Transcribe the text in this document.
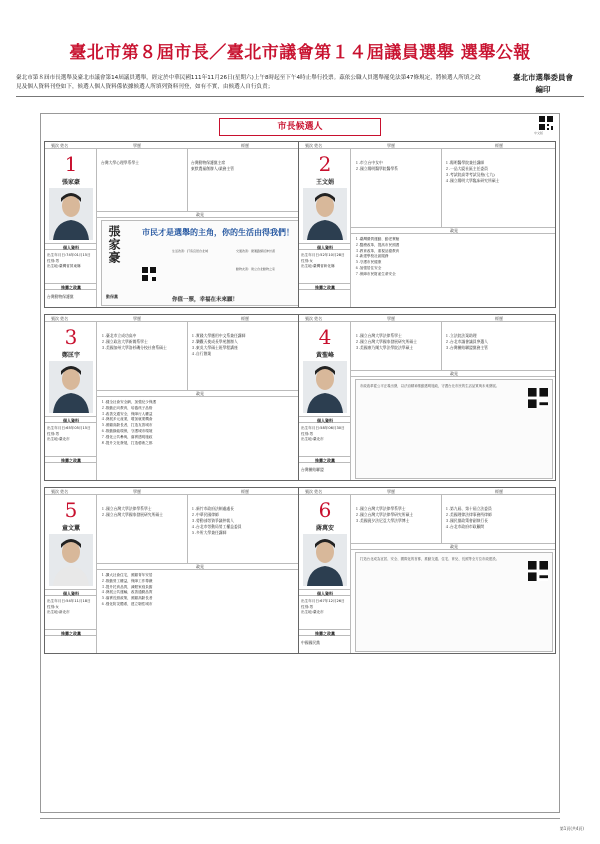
臺北市第８屆市長／臺北市議會第１４屆議員選舉 選舉公報
臺北市第８屆市長選舉及臺北市議會第14屆議員選舉，經定於中華民國111年11月26日(星期六)上午8時起至下午4時止舉行投票。茲依公職人員選舉罷免法第47條規定，將候選人所填之政見及個人資料刊登如下，候選人個人資料係依據候選人所填列資料刊登，如有不實，由候選人自行負責；
臺北市選舉委員會
編印
市長候選人
中文版
號次 姓名	學歷	經歷
1
張家豪
個人資料
出生年月日:74年01月15日
性別:男
出生地:臺灣省屏東縣
推薦之政黨
台灣動物保護黨
台灣大學心理學系學士	台灣動物保護黨主席
東默農福創辦人/業務主管
政見
張家豪	市民才是選舉的主角，你的生活由得我們！
生活改善：打造宜居台北城	交通改善：捷運路網延伸計畫
動物友善：建立台北動物之家
動保黨
你值一票，幸福在未來願！
號次 姓名	學歷	經歷
2
王文娟
個人資料
出生年月日:52年10月28日
性別:女
出生地:臺灣省彰化縣
推薦之政黨
１.市立台中女中
２.國立陽明醫學院醫學系
１.陽明醫學院兼任講師
２.一品大廈社區主任委員
３.考試院高等考試及格(七九)
４.國立陽明大學臨床研究所碩士
政見
１.臺灣優質運動、動老實驗
２.醫療改革，提高市民照護
３.教育改革，重視品德教育
４.新建學校社區服務
５.守護市民健康
６.加強居住安全
７.保障市民財產生命安全
號次 姓名	學歷	經歷
3
鄭匡宇
個人資料
出生年月日:65年05月15日
性別:男
出生地:臺北市
推薦之政黨
１.臺北市立成功高中
２.國立政治大學新聞系學士
３.美國加州大學洛杉磯分校社會系碩士
１.實踐大學應用中文系兼任講師
２.樂觀天使成長學苑創辦人
３.東吳大學碩士班學程講座
４.自行創業
政見
１.健全社會安全網，加強兒少保護
２.推動正向教育，培養孩子品格
３.改善交通安全，保障行人權益
４.發展多元產業，增加就業機會
５.照顧高齡長者，打造友善城市
６.推動綠能環保，守護城市環境
７.強化公共參與，落實透明施政
８.提升文化發展，打造藝術之都
號次 姓名	學歷	經歷
4
黃聖峰
個人資料
出生年月日:58年06月30日
性別:男
出生地:臺北市
推薦之政黨
台灣團結聯盟
１.國立台灣大學法律系學士
２.國立台灣大學國家發展研究所碩士
３.美國康乃爾大學法學院法學碩士
１.立法院法案助理
２.台北市議會議員參選人
３.台灣團結聯盟黨務主管
政見
市政改革從公平正義出發，以法治精神推動透明施政，守護台北市民的生活品質與未來發展。
號次 姓名	學歷	經歷
5
童文薰
個人資料
出生年月日:54年11月18日
性別:女
出生地:新北市
推薦之政黨
１.國立台灣大學法律學系學士
２.國立台灣大學國家發展研究所碩士
１.新竹市政府法制處處長
２.中華民國律師
３.勞動部勞資爭議仲裁人
４.台北市勞動局勞工權益委員
５.多所大學兼任講師
政見
１.擴大社會住宅，照顧青年安居
２.推動勞工權益，保障工作尊嚴
３.提升托育品質，減輕家庭負擔
４.發展公共運輸，改善通勤品質
５.落實長照政策，照顧高齡長者
６.強化防災體系，建立韌性城市
號次 姓名	學歷	經歷
6
蔣萬安
個人資料
出生年月日:67年12月26日
性別:男
出生地:臺北市
推薦之政黨
中國國民黨
１.國立台灣大學法律學系學士
２.國立台灣大學法律學研究所碩士
３.美國賓夕法尼亞大學法學博士
１.第九屆、第十屆立法委員
２.美國理律法律事務所律師
３.國民黨政策會副執行長
４.台北市政府市政顧問
政見
打造台北成為宜居、安全、國際化的首都，推動交通、住宅、育兒、長照等全方位市政建設。
第1頁(共4頁)
